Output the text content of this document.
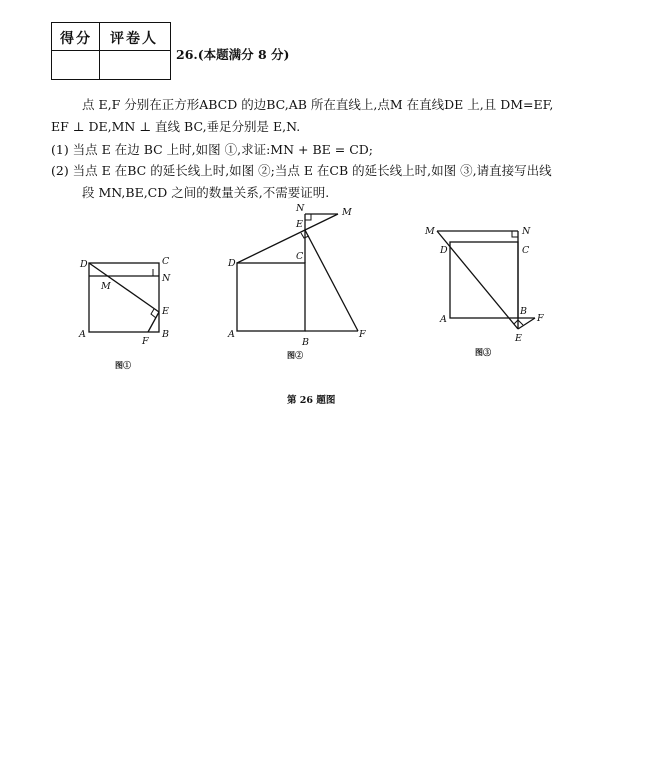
得分 评卷人
26.(本题满分 8 分)
点 E,F 分别在正方形ABCD 的边BC,AB 所在直线上,点M 在直线DE 上,且 DM=EF,
EF ⊥ DE,MN ⊥ 直线 BC,垂足分别是 E,N.
(1) 当点 E 在边 BC 上时,如图 ①,求证:MN + BE = CD;
(2) 当点 E 在BC 的延长线上时,如图 ②;当点 E 在CB 的延长线上时,如图 ③,请直接写出线
段 MN,BE,CD 之间的数量关系,不需要证明.
D	C
N
M
E
A
F
B
图①
N	M
E
D
C
A
B
F
图②
M	N
D	C
A
B
F
E
图③
第 26 题图
